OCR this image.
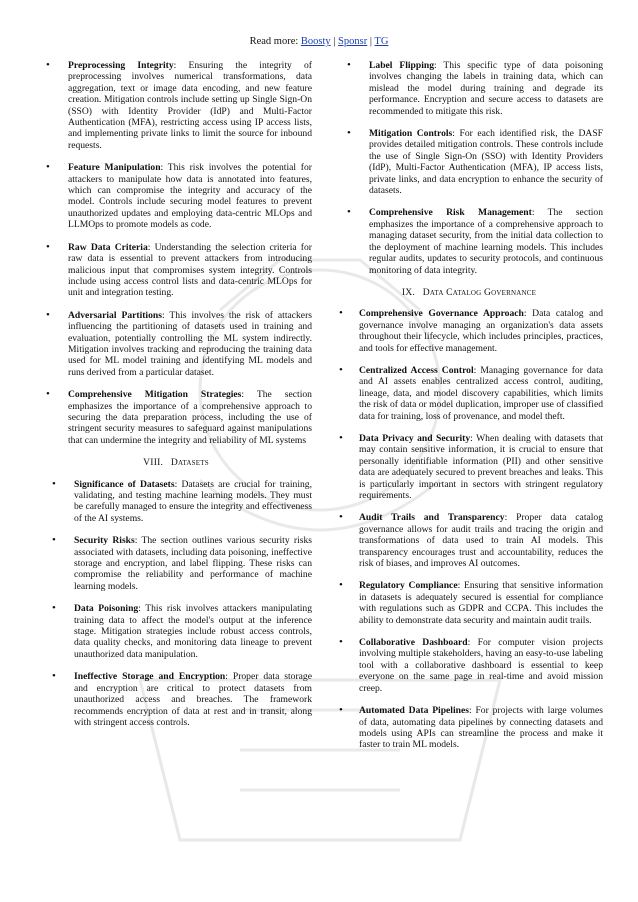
Read more: Boosty | Sponsr | TG
• Preprocessing Integrity: Ensuring the integrity of preprocessing involves numerical transformations, data aggregation, text or image data encoding, and new feature creation. Mitigation controls include setting up Single Sign-On (SSO) with Identity Provider (IdP) and Multi-Factor Authentication (MFA), restricting access using IP access lists, and implementing private links to limit the source for inbound requests.
• Feature Manipulation: This risk involves the potential for attackers to manipulate how data is annotated into features, which can compromise the integrity and accuracy of the model. Controls include securing model features to prevent unauthorized updates and employing data-centric MLOps and LLMOps to promote models as code.
• Raw Data Criteria: Understanding the selection criteria for raw data is essential to prevent attackers from introducing malicious input that compromises system integrity. Controls include using access control lists and data-centric MLOps for unit and integration testing.
• Adversarial Partitions: This involves the risk of attackers influencing the partitioning of datasets used in training and evaluation, potentially controlling the ML system indirectly. Mitigation involves tracking and reproducing the training data used for ML model training and identifying ML models and runs derived from a particular dataset.
• Comprehensive Mitigation Strategies: The section emphasizes the importance of a comprehensive approach to securing the data preparation process, including the use of stringent security measures to safeguard against manipulations that can undermine the integrity and reliability of ML systems
VIII. Datasets
• Significance of Datasets: Datasets are crucial for training, validating, and testing machine learning models. They must be carefully managed to ensure the integrity and effectiveness of the AI systems.
• Security Risks: The section outlines various security risks associated with datasets, including data poisoning, ineffective storage and encryption, and label flipping. These risks can compromise the reliability and performance of machine learning models.
• Data Poisoning: This risk involves attackers manipulating training data to affect the model's output at the inference stage. Mitigation strategies include robust access controls, data quality checks, and monitoring data lineage to prevent unauthorized data manipulation.
• Ineffective Storage and Encryption: Proper data storage and encryption are critical to protect datasets from unauthorized access and breaches. The framework recommends encryption of data at rest and in transit, along with stringent access controls.
• Label Flipping: This specific type of data poisoning involves changing the labels in training data, which can mislead the model during training and degrade its performance. Encryption and secure access to datasets are recommended to mitigate this risk.
• Mitigation Controls: For each identified risk, the DASF provides detailed mitigation controls. These controls include the use of Single Sign-On (SSO) with Identity Providers (IdP), Multi-Factor Authentication (MFA), IP access lists, private links, and data encryption to enhance the security of datasets.
• Comprehensive Risk Management: The section emphasizes the importance of a comprehensive approach to managing dataset security, from the initial data collection to the deployment of machine learning models. This includes regular audits, updates to security protocols, and continuous monitoring of data integrity.
IX. Data Catalog Governance
• Comprehensive Governance Approach: Data catalog and governance involve managing an organization's data assets throughout their lifecycle, which includes principles, practices, and tools for effective management.
• Centralized Access Control: Managing governance for data and AI assets enables centralized access control, auditing, lineage, data, and model discovery capabilities, which limits the risk of data or model duplication, improper use of classified data for training, loss of provenance, and model theft.
• Data Privacy and Security: When dealing with datasets that may contain sensitive information, it is crucial to ensure that personally identifiable information (PII) and other sensitive data are adequately secured to prevent breaches and leaks. This is particularly important in sectors with stringent regulatory requirements.
• Audit Trails and Transparency: Proper data catalog governance allows for audit trails and tracing the origin and transformations of data used to train AI models. This transparency encourages trust and accountability, reduces the risk of biases, and improves AI outcomes.
• Regulatory Compliance: Ensuring that sensitive information in datasets is adequately secured is essential for compliance with regulations such as GDPR and CCPA. This includes the ability to demonstrate data security and maintain audit trails.
• Collaborative Dashboard: For computer vision projects involving multiple stakeholders, having an easy-to-use labeling tool with a collaborative dashboard is essential to keep everyone on the same page in real-time and avoid mission creep.
• Automated Data Pipelines: For projects with large volumes of data, automating data pipelines by connecting datasets and models using APIs can streamline the process and make it faster to train ML models.
